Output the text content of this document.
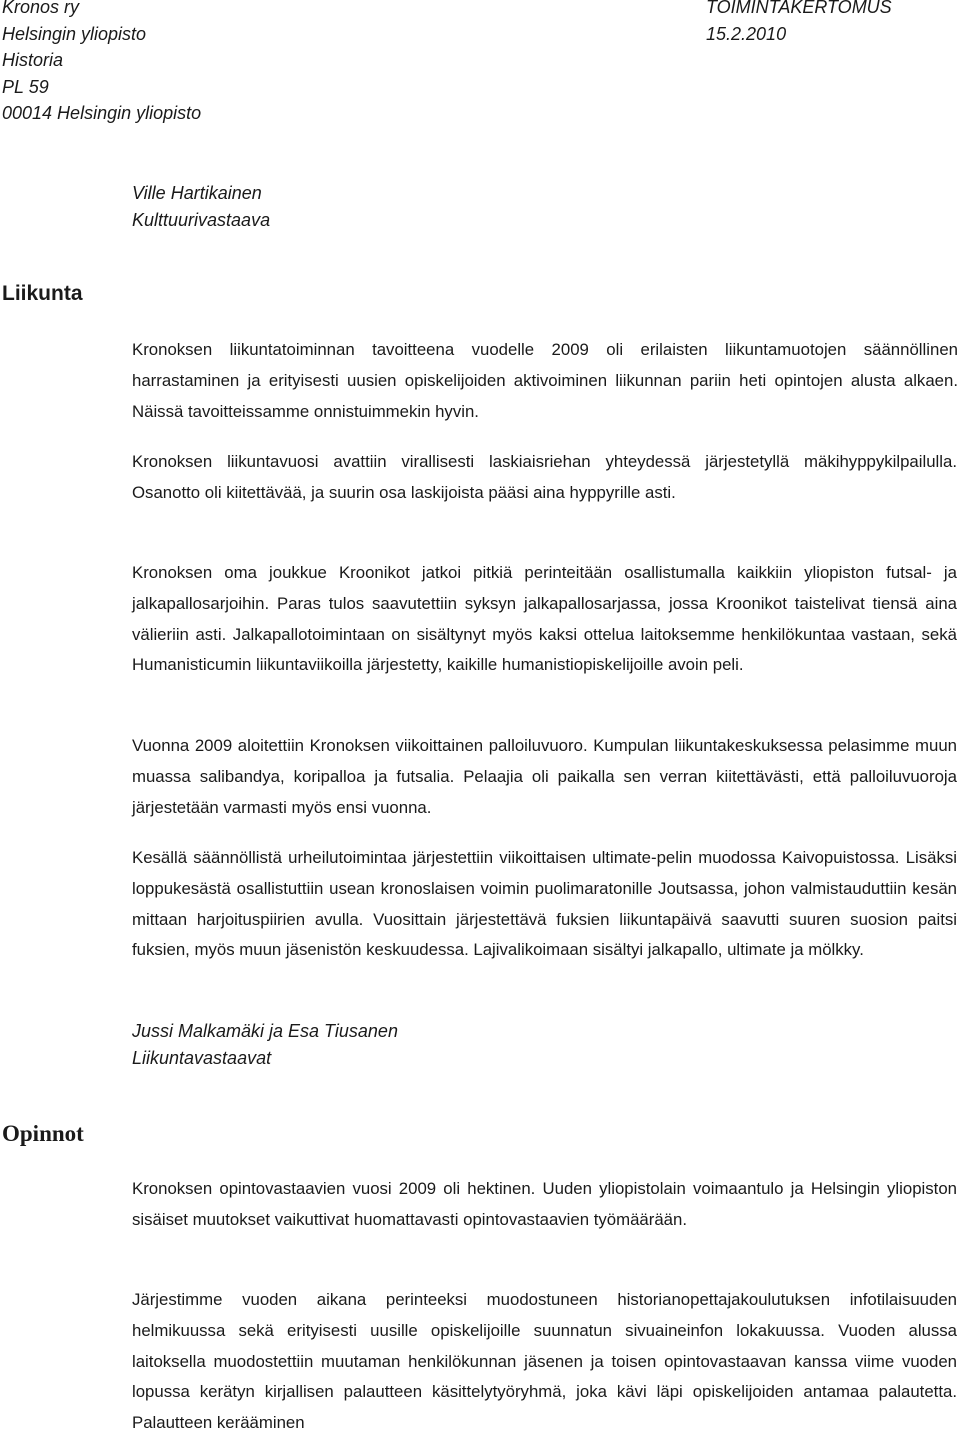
Kronos ry
Helsingin yliopisto
Historia
PL 59
00014 Helsingin yliopisto
TOIMINTAKERTOMUS
15.2.2010
Ville Hartikainen
Kulttuurivastaava
Liikunta

Kronoksen liikuntatoiminnan tavoitteena vuodelle 2009 oli erilaisten liikuntamuotojen säännöllinen harrastaminen ja erityisesti uusien opiskelijoiden aktivoiminen liikunnan pariin heti opintojen alusta alkaen. Näissä tavoitteissamme onnistuimmekin hyvin.

Kronoksen liikuntavuosi avattiin virallisesti laskiaisriehan yhteydessä järjestetyllä mäkihyppykilpailulla. Osanotto oli kiitettävää, ja suurin osa laskijoista pääsi aina hyppyrille asti.

Kronoksen oma joukkue Kroonikot jatkoi pitkiä perinteitään osallistumalla kaikkiin yliopiston futsal- ja jalkapallosarjoihin. Paras tulos saavutettiin syksyn jalkapallosarjassa, jossa Kroonikot taistelivat tiensä aina välieriin asti. Jalkapallotoimintaan on sisältynyt myös kaksi ottelua laitoksemme henkilökuntaa vastaan, sekä Humanisticumin liikuntaviikoilla järjestetty, kaikille humanistiopiskelijoille avoin peli.

Vuonna 2009 aloitettiin Kronoksen viikoittainen palloiluvuoro. Kumpulan liikuntakeskuksessa pelasimme muun muassa salibandya, koripalloa ja futsalia. Pelaajia oli paikalla sen verran kiitettävästi, että palloiluvuoroja järjestetään varmasti myös ensi vuonna.

Kesällä säännöllistä urheilutoimintaa järjestettiin viikoittaisen ultimate-pelin muodossa Kaivopuistossa. Lisäksi loppukesästä osallistuttiin usean kronoslaisen voimin puolimaratonille Joutsassa, johon valmistauduttiin kesän mittaan harjoituspiirien avulla. Vuosittain järjestettävä fuksien liikuntapäivä saavutti suuren suosion paitsi fuksien, myös muun jäsenistön keskuudessa. Lajivalikoimaan sisältyi jalkapallo, ultimate ja mölkky.

Jussi Malkamäki ja Esa Tiusanen
Liikuntavastaavat
Opinnot

Kronoksen opintovastaavien vuosi 2009 oli hektinen. Uuden yliopistolain voimaantulo ja Helsingin yliopiston sisäiset muutokset vaikuttivat huomattavasti opintovastaavien työmäärään.

Järjestimme vuoden aikana perinteeksi muodostuneen historianopettajakoulutuksen infotilaisuuden helmikuussa sekä erityisesti uusille opiskelijoille suunnatun sivuaineinfon lokakuussa. Vuoden alussa laitoksella muodostettiin muutaman henkilökunnan jäsenen ja toisen opintovastaavan kanssa viime vuoden lopussa kerätyn kirjallisen palautteen käsittelytyöryhmä, joka kävi läpi opiskelijoiden antamaa palautetta. Palautteen kerääminen
